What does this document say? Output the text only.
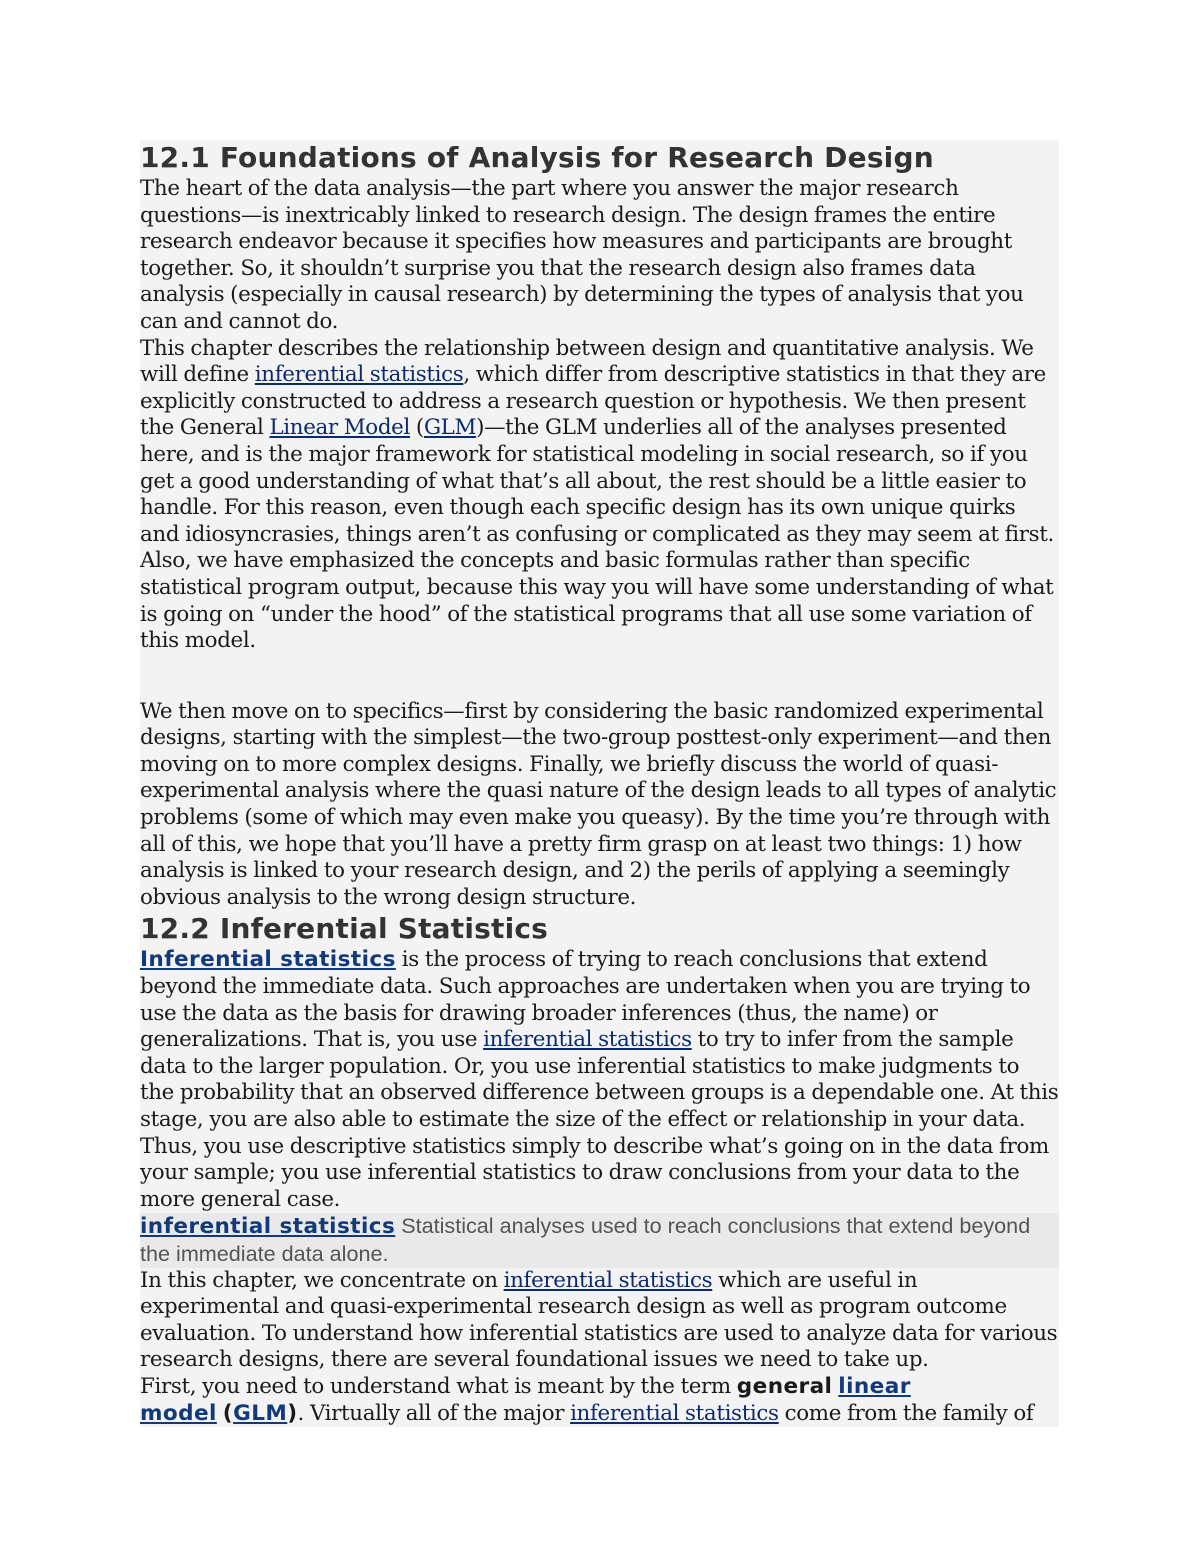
12.1 Foundations of Analysis for Research Design

The heart of the data analysis—the part where you answer the major research questions—is inextricably linked to research design. The design frames the entire research endeavor because it specifies how measures and participants are brought together. So, it shouldn’t surprise you that the research design also frames data analysis (especially in causal research) by determining the types of analysis that you can and cannot do.

This chapter describes the relationship between design and quantitative analysis. We will define inferential statistics, which differ from descriptive statistics in that they are explicitly constructed to address a research question or hypothesis. We then present the General Linear Model (GLM)—the GLM underlies all of the analyses presented here, and is the major framework for statistical modeling in social research, so if you get a good understanding of what that’s all about, the rest should be a little easier to handle. For this reason, even though each specific design has its own unique quirks and idiosyncrasies, things aren’t as confusing or complicated as they may seem at first. Also, we have emphasized the concepts and basic formulas rather than specific statistical program output, because this way you will have some understanding of what is going on “under the hood” of the statistical programs that all use some variation of this model.

We then move on to specifics—first by considering the basic randomized experimental designs, starting with the simplest—the two-group posttest-only experiment—and then moving on to more complex designs. Finally, we briefly discuss the world of quasi-experimental analysis where the quasi nature of the design leads to all types of analytic problems (some of which may even make you queasy). By the time you’re through with all of this, we hope that you’ll have a pretty firm grasp on at least two things: 1) how analysis is linked to your research design, and 2) the perils of applying a seemingly obvious analysis to the wrong design structure.

12.2 Inferential Statistics

Inferential statistics is the process of trying to reach conclusions that extend beyond the immediate data. Such approaches are undertaken when you are trying to use the data as the basis for drawing broader inferences (thus, the name) or generalizations. That is, you use inferential statistics to try to infer from the sample data to the larger population. Or, you use inferential statistics to make judgments to the probability that an observed difference between groups is a dependable one. At this stage, you are also able to estimate the size of the effect or relationship in your data. Thus, you use descriptive statistics simply to describe what’s going on in the data from your sample; you use inferential statistics to draw conclusions from your data to the more general case.

inferential statistics Statistical analyses used to reach conclusions that extend beyond the immediate data alone.

In this chapter, we concentrate on inferential statistics which are useful in experimental and quasi-experimental research design as well as program outcome evaluation. To understand how inferential statistics are used to analyze data for various research designs, there are several foundational issues we need to take up.

First, you need to understand what is meant by the term general linear
model (GLM). Virtually all of the major inferential statistics come from the family of
